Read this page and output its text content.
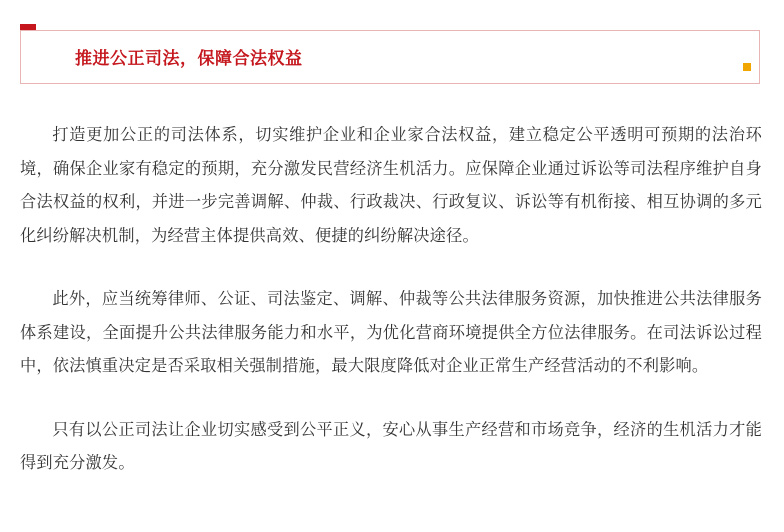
推进公正司法，保障合法权益

打造更加公正的司法体系，切实维护企业和企业家合法权益，建立稳定公平透明可预期的法治环境，确保企业家有稳定的预期，充分激发民营经济生机活力。应保障企业通过诉讼等司法程序维护自身合法权益的权利，并进一步完善调解、仲裁、行政裁决、行政复议、诉讼等有机衔接、相互协调的多元化纠纷解决机制，为经营主体提供高效、便捷的纠纷解决途径。

此外，应当统筹律师、公证、司法鉴定、调解、仲裁等公共法律服务资源，加快推进公共法律服务体系建设，全面提升公共法律服务能力和水平，为优化营商环境提供全方位法律服务。在司法诉讼过程中，依法慎重决定是否采取相关强制措施，最大限度降低对企业正常生产经营活动的不利影响。

只有以公正司法让企业切实感受到公平正义，安心从事生产经营和市场竞争，经济的生机活力才能得到充分激发。
